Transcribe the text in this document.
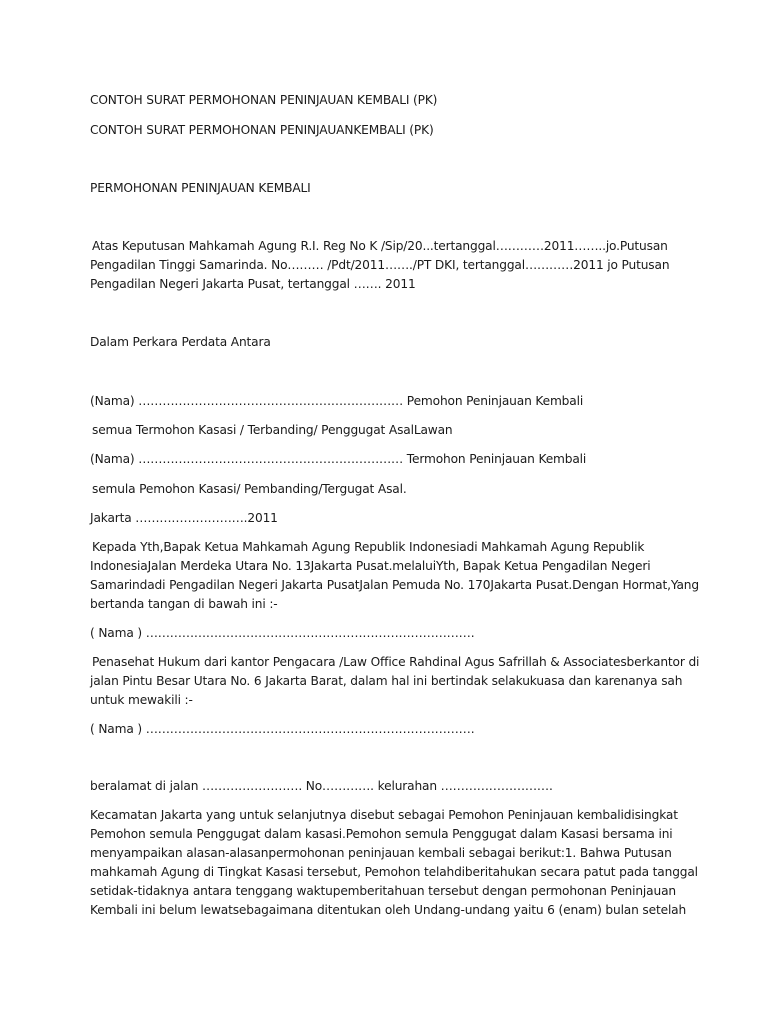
CONTOH SURAT PERMOHONAN PENINJAUAN KEMBALI (PK)

CONTOH SURAT PERMOHONAN PENINJAUANKEMBALI (PK)

PERMOHONAN PENINJAUAN KEMBALI

Atas Keputusan Mahkamah Agung R.I. Reg No K /Sip/20...tertanggal…………2011……..jo.Putusan

Pengadilan Tinggi Samarinda. No……… /Pdt/2011……./PT DKI, tertanggal…………2011 jo Putusan

Pengadilan Negeri Jakarta Pusat, tertanggal ……. 2011

Dalam Perkara Perdata Antara

(Nama) ………………………………………………………… Pemohon Peninjauan Kembali

semua Termohon Kasasi / Terbanding/ Penggugat AsalLawan

(Nama) ………………………………………………………… Termohon Peninjauan Kembali

semula Pemohon Kasasi/ Pembanding/Tergugat Asal.

Jakarta ……………………….2011

Kepada Yth,Bapak Ketua Mahkamah Agung Republik Indonesiadi Mahkamah Agung Republik

IndonesiaJalan Merdeka Utara No. 13Jakarta Pusat.melaluiYth, Bapak Ketua Pengadilan Negeri

Samarindadi Pengadilan Negeri Jakarta PusatJalan Pemuda No. 170Jakarta Pusat.Dengan Hormat,Yang

bertanda tangan di bawah ini :-

( Nama ) ……………………………………………………………………….

Penasehat Hukum dari kantor Pengacara /Law Office Rahdinal Agus Safrillah & Associatesberkantor di

jalan Pintu Besar Utara No. 6 Jakarta Barat, dalam hal ini bertindak selakukuasa dan karenanya sah

untuk mewakili :-

( Nama ) ……………………………………………………………………….

beralamat di jalan ……………………. No…………. kelurahan ……………………….

Kecamatan Jakarta yang untuk selanjutnya disebut sebagai Pemohon Peninjauan kembalidisingkat

Pemohon semula Penggugat dalam kasasi.Pemohon semula Penggugat dalam Kasasi bersama ini

menyampaikan alasan-alasanpermohonan peninjauan kembali sebagai berikut:1. Bahwa Putusan

mahkamah Agung di Tingkat Kasasi tersebut, Pemohon telahdiberitahukan secara patut pada tanggal

setidak-tidaknya antara tenggang waktupemberitahuan tersebut dengan permohonan Peninjauan

Kembali ini belum lewatsebagaimana ditentukan oleh Undang-undang yaitu 6 (enam) bulan setelah
